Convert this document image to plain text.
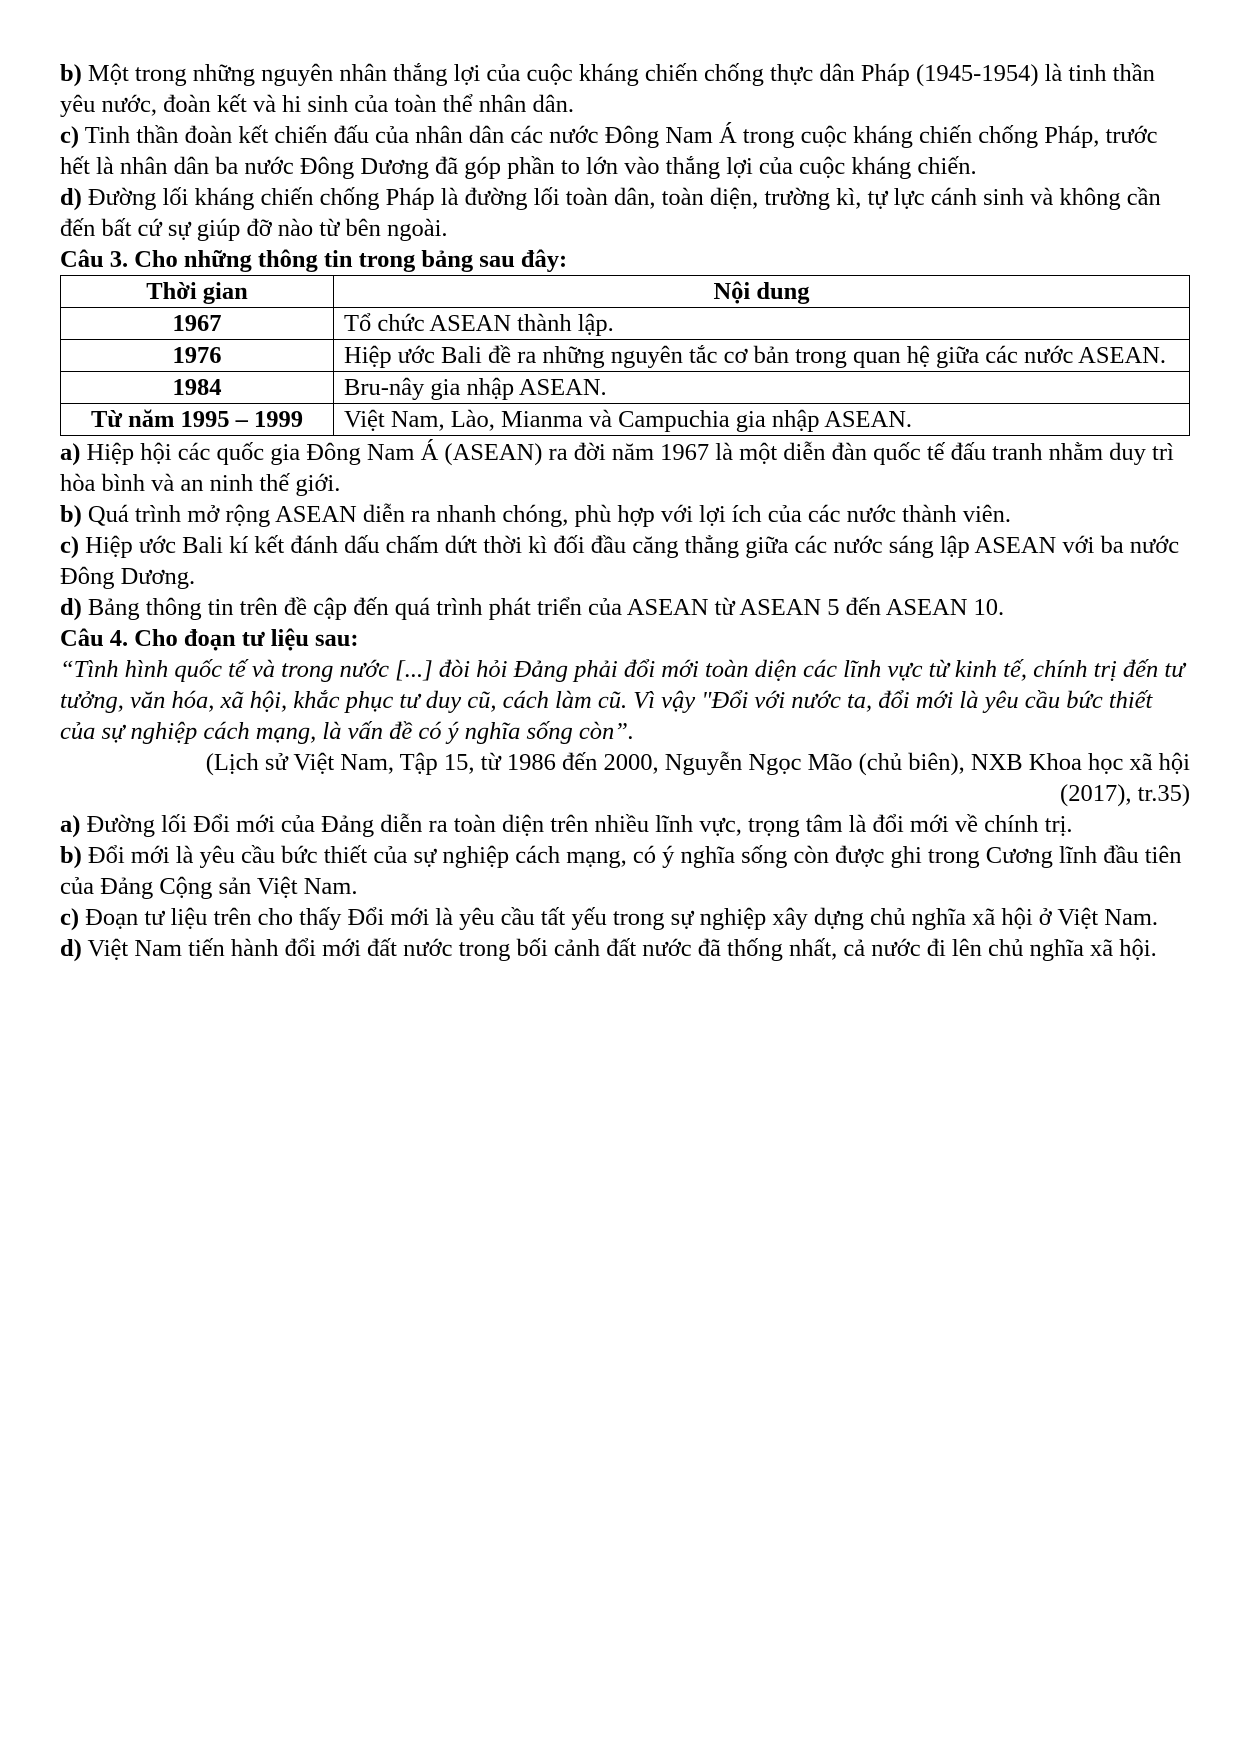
b) Một trong những nguyên nhân thắng lợi của cuộc kháng chiến chống thực dân Pháp (1945-1954) là tinh thần yêu nước, đoàn kết và hi sinh của toàn thể nhân dân.

c) Tinh thần đoàn kết chiến đấu của nhân dân các nước Đông Nam Á trong cuộc kháng chiến chống Pháp, trước hết là nhân dân ba nước Đông Dương đã góp phần to lớn vào thắng lợi của cuộc kháng chiến.

d) Đường lối kháng chiến chống Pháp là đường lối toàn dân, toàn diện, trường kì, tự lực cánh sinh và không cần đến bất cứ sự giúp đỡ nào từ bên ngoài.

Câu 3. Cho những thông tin trong bảng sau đây:

Thời gian	Nội dung
1967	Tổ chức ASEAN thành lập.
1976	Hiệp ước Bali đề ra những nguyên tắc cơ bản trong quan hệ giữa các nước ASEAN.
1984	Bru-nây gia nhập ASEAN.
Từ năm 1995 – 1999	Việt Nam, Lào, Mianma và Campuchia gia nhập ASEAN.

a) Hiệp hội các quốc gia Đông Nam Á (ASEAN) ra đời năm 1967 là một diễn đàn quốc tế đấu tranh nhằm duy trì hòa bình và an ninh thế giới.

b) Quá trình mở rộng ASEAN diễn ra nhanh chóng, phù hợp với lợi ích của các nước thành viên.

c) Hiệp ước Bali kí kết đánh dấu chấm dứt thời kì đối đầu căng thẳng giữa các nước sáng lập ASEAN với ba nước Đông Dương.

d) Bảng thông tin trên đề cập đến quá trình phát triển của ASEAN từ ASEAN 5 đến ASEAN 10.

Câu 4. Cho đoạn tư liệu sau:

“Tình hình quốc tế và trong nước [...] đòi hỏi Đảng phải đổi mới toàn diện các lĩnh vực từ kinh tế, chính trị đến tư tưởng, văn hóa, xã hội, khắc phục tư duy cũ, cách làm cũ. Vì vậy "Đổi với nước ta, đổi mới là yêu cầu bức thiết của sự nghiệp cách mạng, là vấn đề có ý nghĩa sống còn”.

(Lịch sử Việt Nam, Tập 15, từ 1986 đến 2000, Nguyễn Ngọc Mão (chủ biên), NXB Khoa học xã hội
(2017), tr.35)

a) Đường lối Đổi mới của Đảng diễn ra toàn diện trên nhiều lĩnh vực, trọng tâm là đổi mới về chính trị.

b) Đổi mới là yêu cầu bức thiết của sự nghiệp cách mạng, có ý nghĩa sống còn được ghi trong Cương lĩnh đầu tiên của Đảng Cộng sản Việt Nam.

c) Đoạn tư liệu trên cho thấy Đổi mới là yêu cầu tất yếu trong sự nghiệp xây dựng chủ nghĩa xã hội ở Việt Nam.

d) Việt Nam tiến hành đổi mới đất nước trong bối cảnh đất nước đã thống nhất, cả nước đi lên chủ nghĩa xã hội.
